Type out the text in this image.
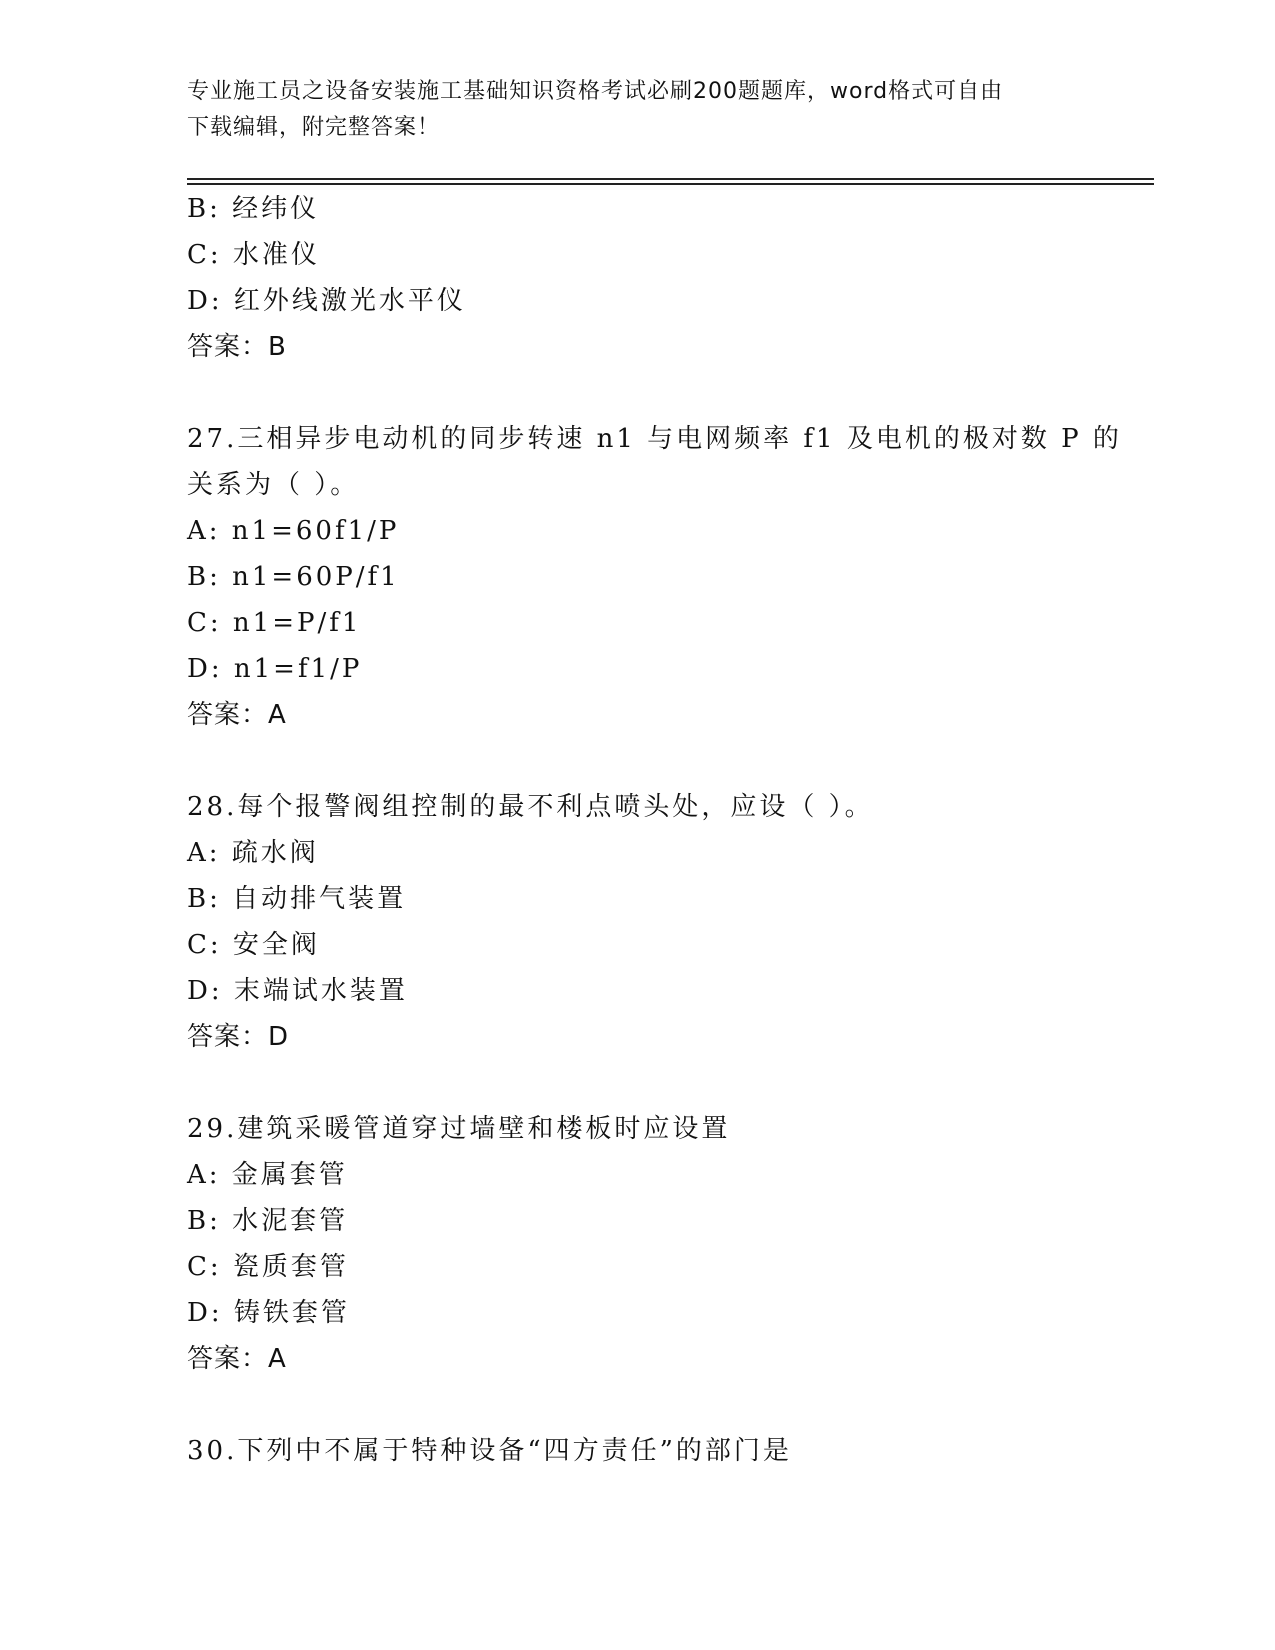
专业施工员之设备安装施工基础知识资格考试必刷200题题库，word格式可自由
下载编辑，附完整答案！
B: 经纬仪
C: 水准仪
D: 红外线激光水平仪
答案：B
27.三相异步电动机的同步转速 n1 与电网频率 f1 及电机的极对数 P 的
关系为（ ）。
A: n1=60f1/P
B: n1=60P/f1
C: n1=P/f1
D: n1=f1/P
答案：A
28.每个报警阀组控制的最不利点喷头处，应设（ ）。
A: 疏水阀
B: 自动排气装置
C: 安全阀
D: 末端试水装置
答案：D
29.建筑采暖管道穿过墙壁和楼板时应设置
A: 金属套管
B: 水泥套管
C: 瓷质套管
D: 铸铁套管
答案：A
30.下列中不属于特种设备“四方责任”的部门是
